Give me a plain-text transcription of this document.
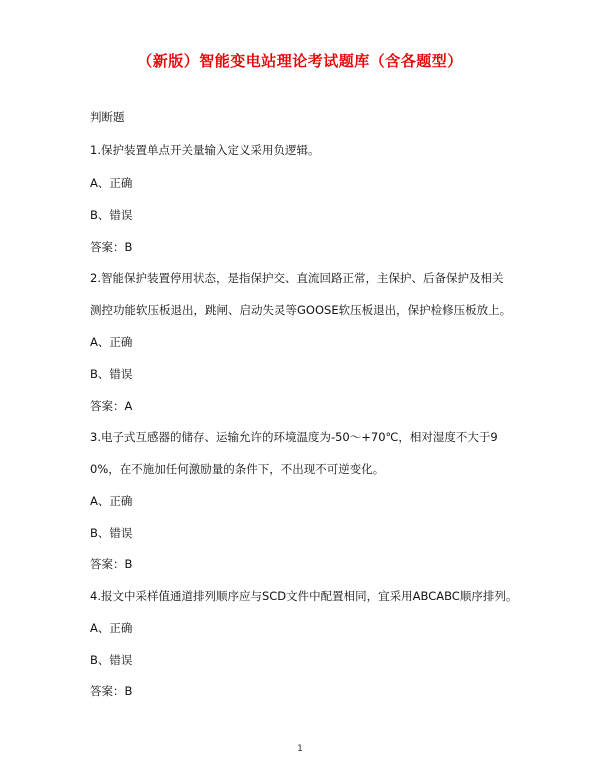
（新版）智能变电站理论考试题库（含各题型）
判断题
1.保护装置单点开关量输入定义采用负逻辑。
A、正确
B、错误
答案：B
2.智能保护装置停用状态，是指保护交、直流回路正常，主保护、后备保护及相关
测控功能软压板退出，跳闸、启动失灵等GOOSE软压板退出，保护检修压板放上。
A、正确
B、错误
答案：A
3.电子式互感器的储存、运输允许的环境温度为-50～+70℃，相对湿度不大于9
0%，在不施加任何激励量的条件下，不出现不可逆变化。
A、正确
B、错误
答案：B
4.报文中采样值通道排列顺序应与SCD文件中配置相同，宜采用ABCABC顺序排列。
A、正确
B、错误
答案：B
1
